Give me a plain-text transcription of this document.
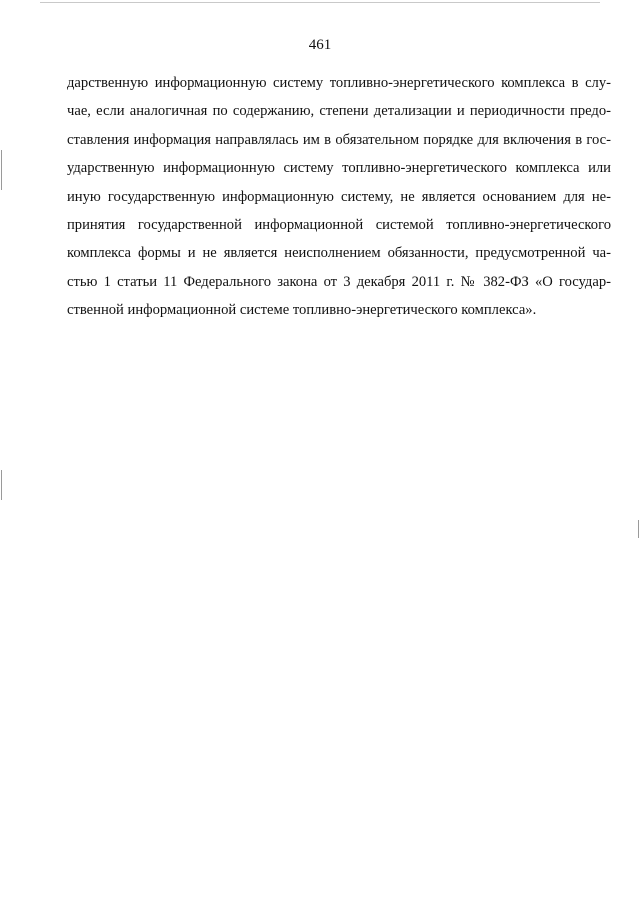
461
дарственную информационную систему топливно-энергетического комплекса в слу-
чае, если аналогичная по содержанию, степени детализации и периодичности предо-
ставления информация направлялась им в обязательном порядке для включения в гос-
ударственную информационную систему топливно-энергетического комплекса или
иную государственную информационную систему, не является основанием для не-
принятия государственной информационной системой топливно-энергетического
комплекса формы и не является неисполнением обязанности, предусмотренной ча-
стью 1 статьи 11 Федерального закона от 3 декабря 2011 г. № 382-ФЗ «О государ-
ственной информационной системе топливно-энергетического комплекса».
